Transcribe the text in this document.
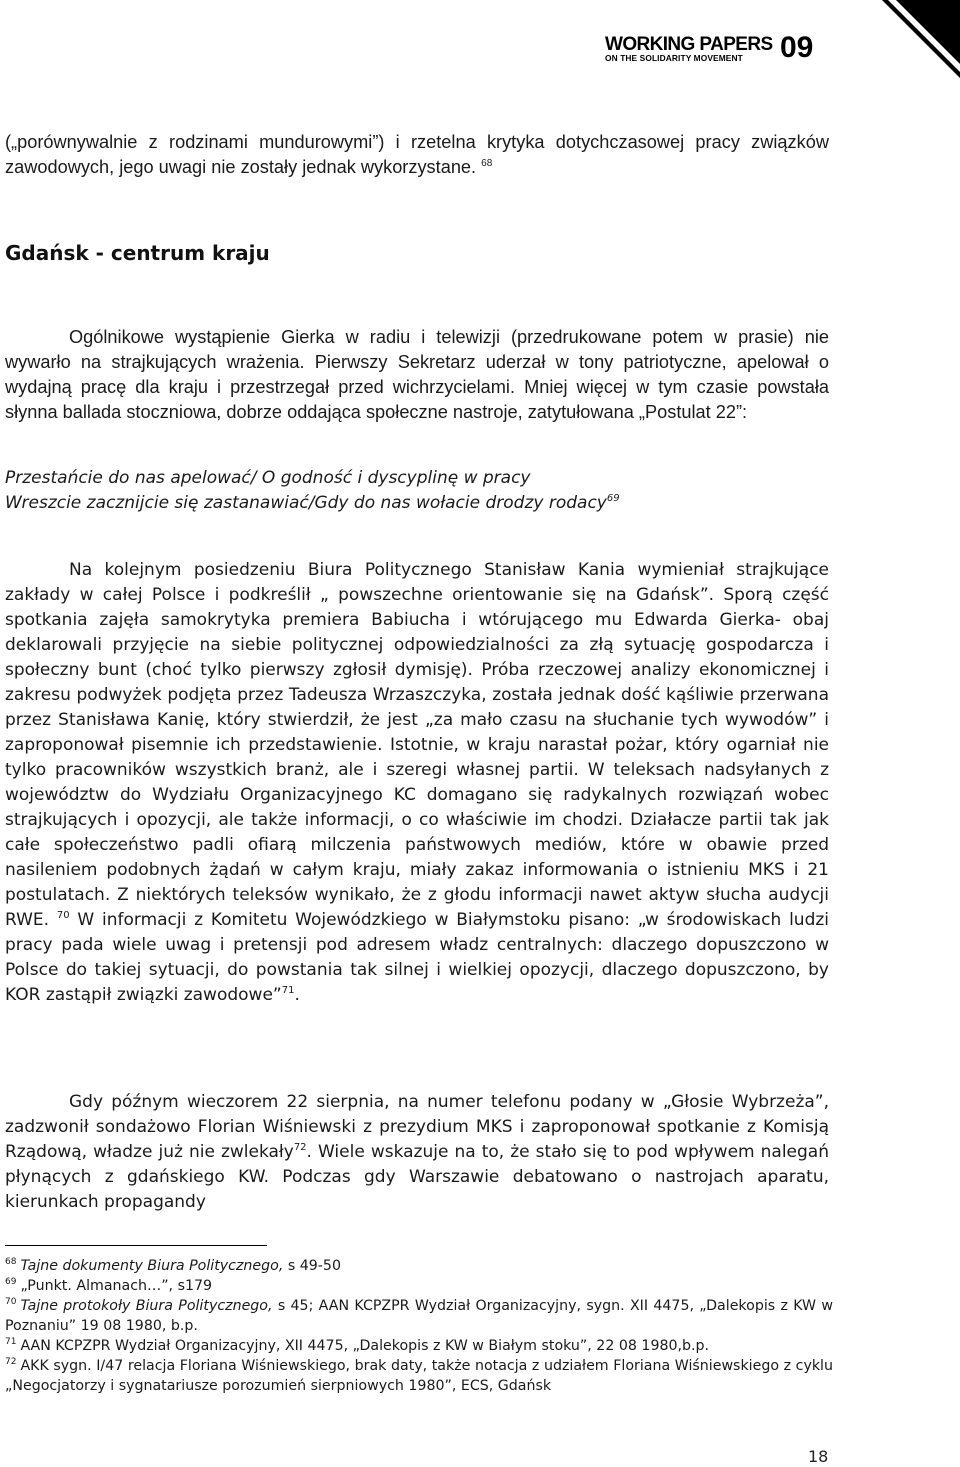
WORKING PAPERS
ON THE SOLIDARITY MOVEMENT	09

(„porównywalnie z rodzinami mundurowymi”) i rzetelna krytyka dotychczasowej pracy związków zawodowych, jego uwagi nie zostały jednak wykorzystane. $^{68}$

Gdańsk - centrum kraju

Ogólnikowe wystąpienie Gierka w radiu i telewizji (przedrukowane potem w prasie) nie wywarło na strajkujących wrażenia. Pierwszy Sekretarz uderzał w tony patriotyczne, apelował o wydajną pracę dla kraju i przestrzegał przed wichrzycielami. Mniej więcej w tym czasie powstała słynna ballada stoczniowa, dobrze oddająca społeczne nastroje, zatytułowana „Postulat 22”:

Przestańcie do nas apelować/ O godność i dyscyplinę w pracy
Wreszcie zacznijcie się zastanawiać/Gdy do nas wołacie drodzy rodacy$^{69}$

Na kolejnym posiedzeniu Biura Politycznego Stanisław Kania wymieniał strajkujące zakłady w całej Polsce i podkreślił „ powszechne orientowanie się na Gdańsk”. Sporą część spotkania zajęła samokrytyka premiera Babiucha i wtórującego mu Edwarda Gierka- obaj deklarowali przyjęcie na siebie politycznej odpowiedzialności za złą sytuację gospodarcza i społeczny bunt (choć tylko pierwszy zgłosił dymisję). Próba rzeczowej analizy ekonomicznej i zakresu podwyżek podjęta przez Tadeusza Wrzaszczyka, została jednak dość kąśliwie przerwana przez Stanisława Kanię, który stwierdził, że jest „za mało czasu na słuchanie tych wywodów” i zaproponował pisemnie ich przedstawienie. Istotnie, w kraju narastał pożar, który ogarniał nie tylko pracowników wszystkich branż, ale i szeregi własnej partii. W teleksach nadsyłanych z województw do Wydziału Organizacyjnego KC domagano się radykalnych rozwiązań wobec strajkujących i opozycji, ale także informacji, o co właściwie im chodzi. Działacze partii tak jak całe społeczeństwo padli ofiarą milczenia państwowych mediów, które w obawie przed nasileniem podobnych żądań w całym kraju, miały zakaz informowania o istnieniu MKS i 21 postulatach. Z niektórych teleksów wynikało, że z głodu informacji nawet aktyw słucha audycji RWE. $^{70}$ W informacji z Komitetu Wojewódzkiego w Białymstoku pisano: „w środowiskach ludzi pracy pada wiele uwag i pretensji pod adresem władz centralnych: dlaczego dopuszczono w Polsce do takiej sytuacji, do powstania tak silnej i wielkiej opozycji, dlaczego dopuszczono, by KOR zastąpił związki zawodowe”$^{71}$.

Gdy późnym wieczorem 22 sierpnia, na numer telefonu podany w „Głosie Wybrzeża”, zadzwonił sondażowo Florian Wiśniewski z prezydium MKS i zaproponował spotkanie z Komisją Rządową, władze już nie zwlekały$^{72}$. Wiele wskazuje na to, że stało się to pod wpływem nalegań płynących z gdańskiego KW. Podczas gdy Warszawie debatowano o nastrojach aparatu, kierunkach propagandy

$^{68}$ Tajne dokumenty Biura Politycznego, s 49-50

$^{69}$ „Punkt. Almanach…”, s179

$^{70}$ Tajne protokoły Biura Politycznego, s 45; AAN KCPZPR Wydział Organizacyjny, sygn. XII 4475, „Dalekopis z KW w Poznaniu” 19 08 1980, b.p.

$^{71}$ AAN KCPZPR Wydział Organizacyjny, XII 4475, „Dalekopis z KW w Białym stoku”, 22 08 1980,b.p.

$^{72}$ AKK sygn. I/47 relacja Floriana Wiśniewskiego, brak daty, także notacja z udziałem Floriana Wiśniewskiego z cyklu „Negocjatorzy i sygnatariusze porozumień sierpniowych 1980”, ECS, Gdańsk

18
